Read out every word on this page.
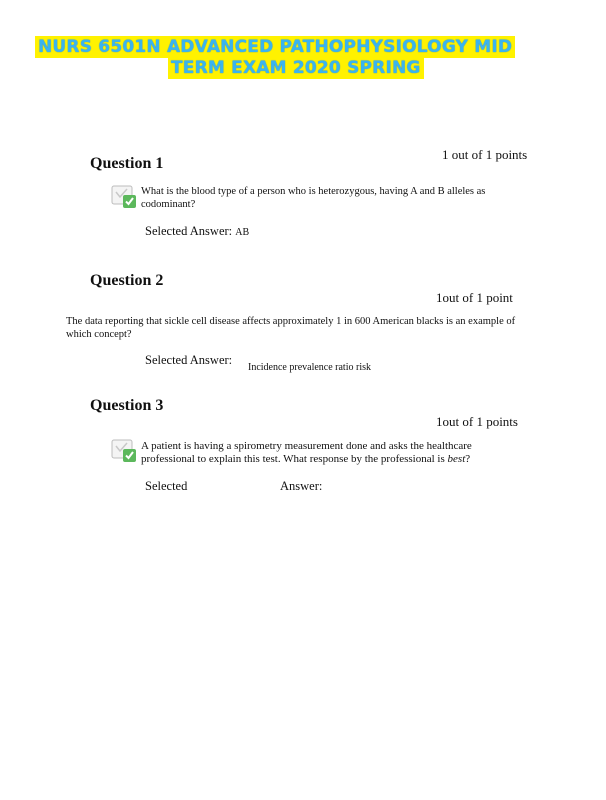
NURS 6501N ADVANCED PATHOPHYSIOLOGY MID
TERM EXAM 2020 SPRING
Question 1
1 out of 1 points
What is the blood type of a person who is heterozygous, having A and B alleles as codominant?
Selected Answer: AB
Question 2
1out of 1 point
The data reporting that sickle cell disease affects approximately 1 in 600 American blacks is an example of which concept?
Selected Answer:
Incidence prevalence ratio risk
Question 3
1out of 1 points
A patient is having a spirometry measurement done and asks the healthcare professional to explain this test. What response by the professional is best?
Selected	Answer:
